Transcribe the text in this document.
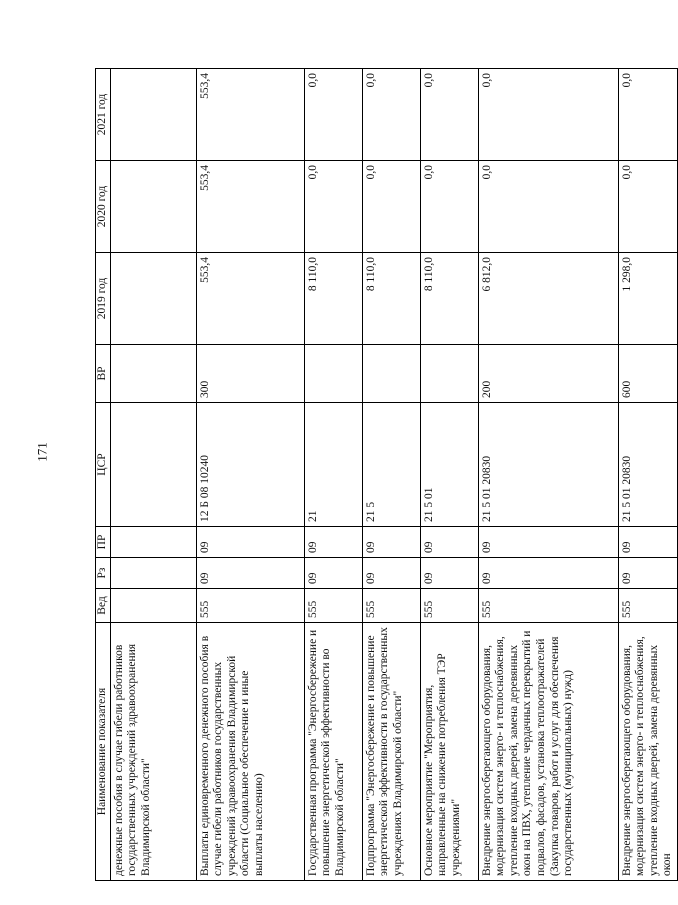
171
Наименование показателя	Вед	Рз	ПР	ЦСР	ВР	2019 год	2020 год	2021 год
денежные пособия в случае гибели работников государственных учреждений здравоохранения Владимирской области"								
Выплаты единовременного денежного пособия в случае гибели работников государственных учреждений здравоохранения Владимирской области (Социальное обеспечение и иные выплаты населению)	555	09	09	12 Б 08 10240	300	553,4	553,4	553,4
Государственная программа "Энергосбережение и повышение энергетической эффективности во Владимирской области"	555	09	09	21		8 110,0	0,0	0,0
Подпрограмма "Энергосбережение и повышение энергетической эффективности в государственных учреждениях Владимирской области"	555	09	09	21 5		8 110,0	0,0	0,0
Основное мероприятие "Мероприятия, направленные на снижение потребления ТЭР учреждениями"	555	09	09	21 5 01		8 110,0	0,0	0,0
Внедрение энергосберегающего оборудования, модернизация систем энерго- и теплоснабжения, утепление входных дверей, замена деревянных окон на ПВХ, утепление чердачных перекрытий и подвалов, фасадов, установка теплоотражателей (Закупка товаров, работ и услуг для обеспечения государственных (муниципальных) нужд)	555	09	09	21 5 01 20830	200	6 812,0	0,0	0,0
Внедрение энергосберегающего оборудования, модернизация систем энерго- и теплоснабжения, утепление входных дверей, замена деревянных окон	555	09	09	21 5 01 20830	600	1 298,0	0,0	0,0
